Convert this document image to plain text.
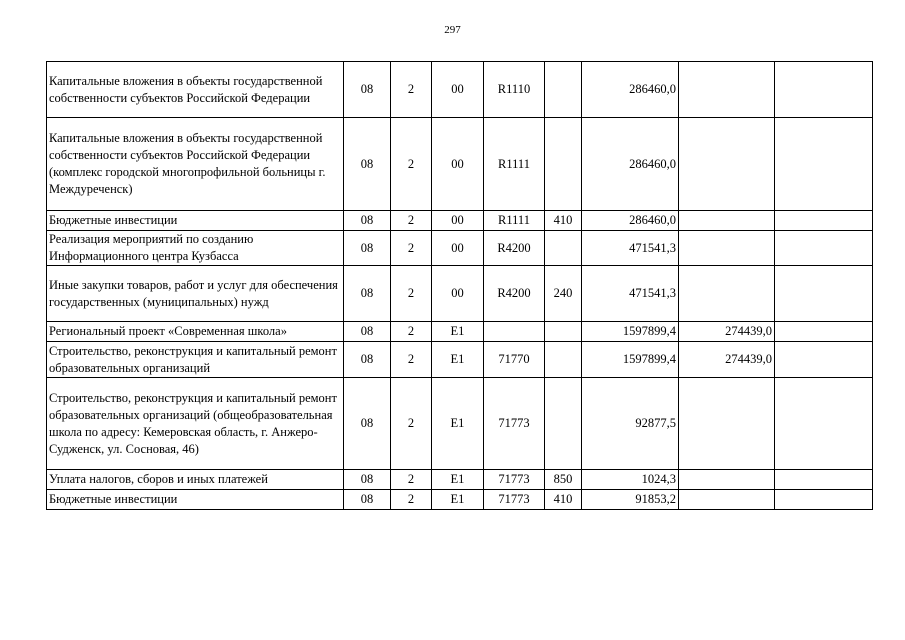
297
Капитальные вложения в объекты государственной собственности субъектов Российской Федерации	08	2	00	R1110		286460,0		
Капитальные вложения в объекты государственной собственности субъектов Российской Федерации (комплекс городской многопрофильной больницы г. Междуреченск)	08	2	00	R1111		286460,0		
Бюджетные инвестиции	08	2	00	R1111	410	286460,0		
Реализация мероприятий по созданию Информационного центра Кузбасса	08	2	00	R4200		471541,3		
Иные закупки товаров, работ и услуг для обеспечения государственных (муниципальных) нужд	08	2	00	R4200	240	471541,3		
Региональный проект «Современная школа»	08	2	E1			1597899,4	274439,0	
Строительство, реконструкция и капитальный ремонт образовательных организаций	08	2	E1	71770		1597899,4	274439,0	
Строительство, реконструкция и капитальный ремонт образовательных организаций (общеобразовательная школа по адресу: Кемеровская область, г. Анжеро-Судженск, ул. Сосновая, 46)	08	2	E1	71773		92877,5		
Уплата налогов, сборов и иных платежей	08	2	E1	71773	850	1024,3		
Бюджетные инвестиции	08	2	E1	71773	410	91853,2		
